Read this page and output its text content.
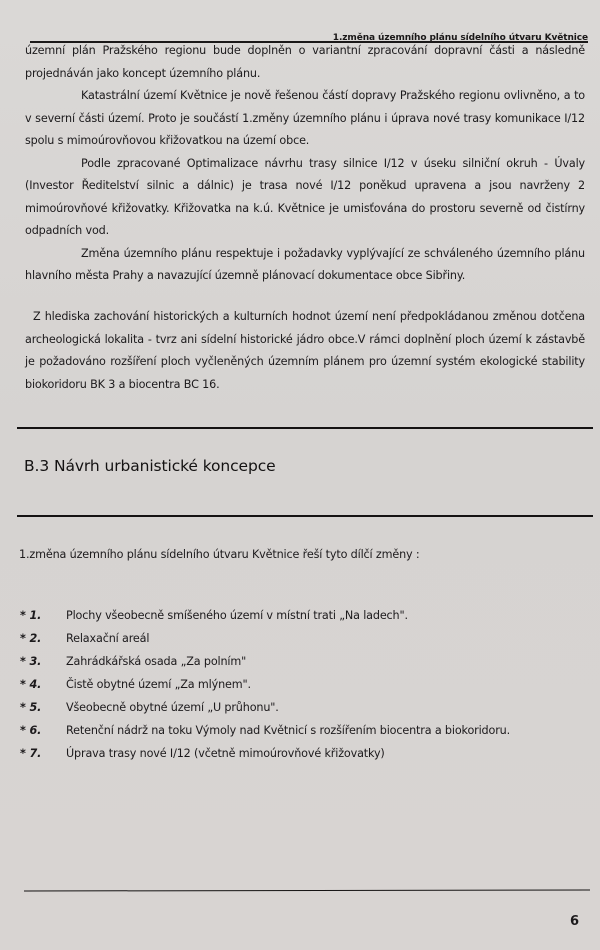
1.změna územního plánu sídelního útvaru Květnice

územní plán Pražského regionu bude doplněn o variantní zpracování dopravní části a následně projednáván jako koncept územního plánu.

Katastrální území Květnice je nově řešenou částí dopravy Pražského regionu ovlivněno, a to v severní části území. Proto je součástí 1.změny územního plánu i úprava nové trasy komunikace I/12 spolu s mimoúrovňovou křižovatkou na území obce.

Podle zpracované Optimalizace návrhu trasy silnice I/12 v úseku silniční okruh - Úvaly (Investor Ředitelství silnic a dálnic) je trasa nové I/12 poněkud upravena a jsou navrženy 2 mimoúrovňové křižovatky. Křižovatka na k.ú. Květnice je umisťována do prostoru severně od čistírny odpadních vod.

Změna územního plánu respektuje i požadavky vyplývající ze schváleného územního plánu hlavního města Prahy a navazující územně plánovací dokumentace obce Sibřiny.

Z hlediska zachování historických a kulturních hodnot území není předpokládanou změnou dotčena archeologická lokalita - tvrz ani sídelní historické jádro obce.V rámci doplnění ploch území k zástavbě je požadováno rozšíření ploch vyčleněných územním plánem pro územní systém ekologické stability biokoridoru BK 3 a biocentra BC 16.
B.3 Návrh urbanistické koncepce
1.změna územního plánu sídelního útvaru Květnice řeší tyto dílčí změny :
* 1. Plochy všeobecně smíšeného území v místní trati „Na ladech".
* 2. Relaxační areál
* 3. Zahrádkářská osada „Za polním"
* 4. Čistě obytné území „Za mlýnem".
* 5. Všeobecně obytné území „U průhonu".
* 6. Retenční nádrž na toku Výmoly nad Květnicí s rozšířením biocentra a biokoridoru.
* 7. Úprava trasy nové I/12 (včetně mimoúrovňové křižovatky)
6
